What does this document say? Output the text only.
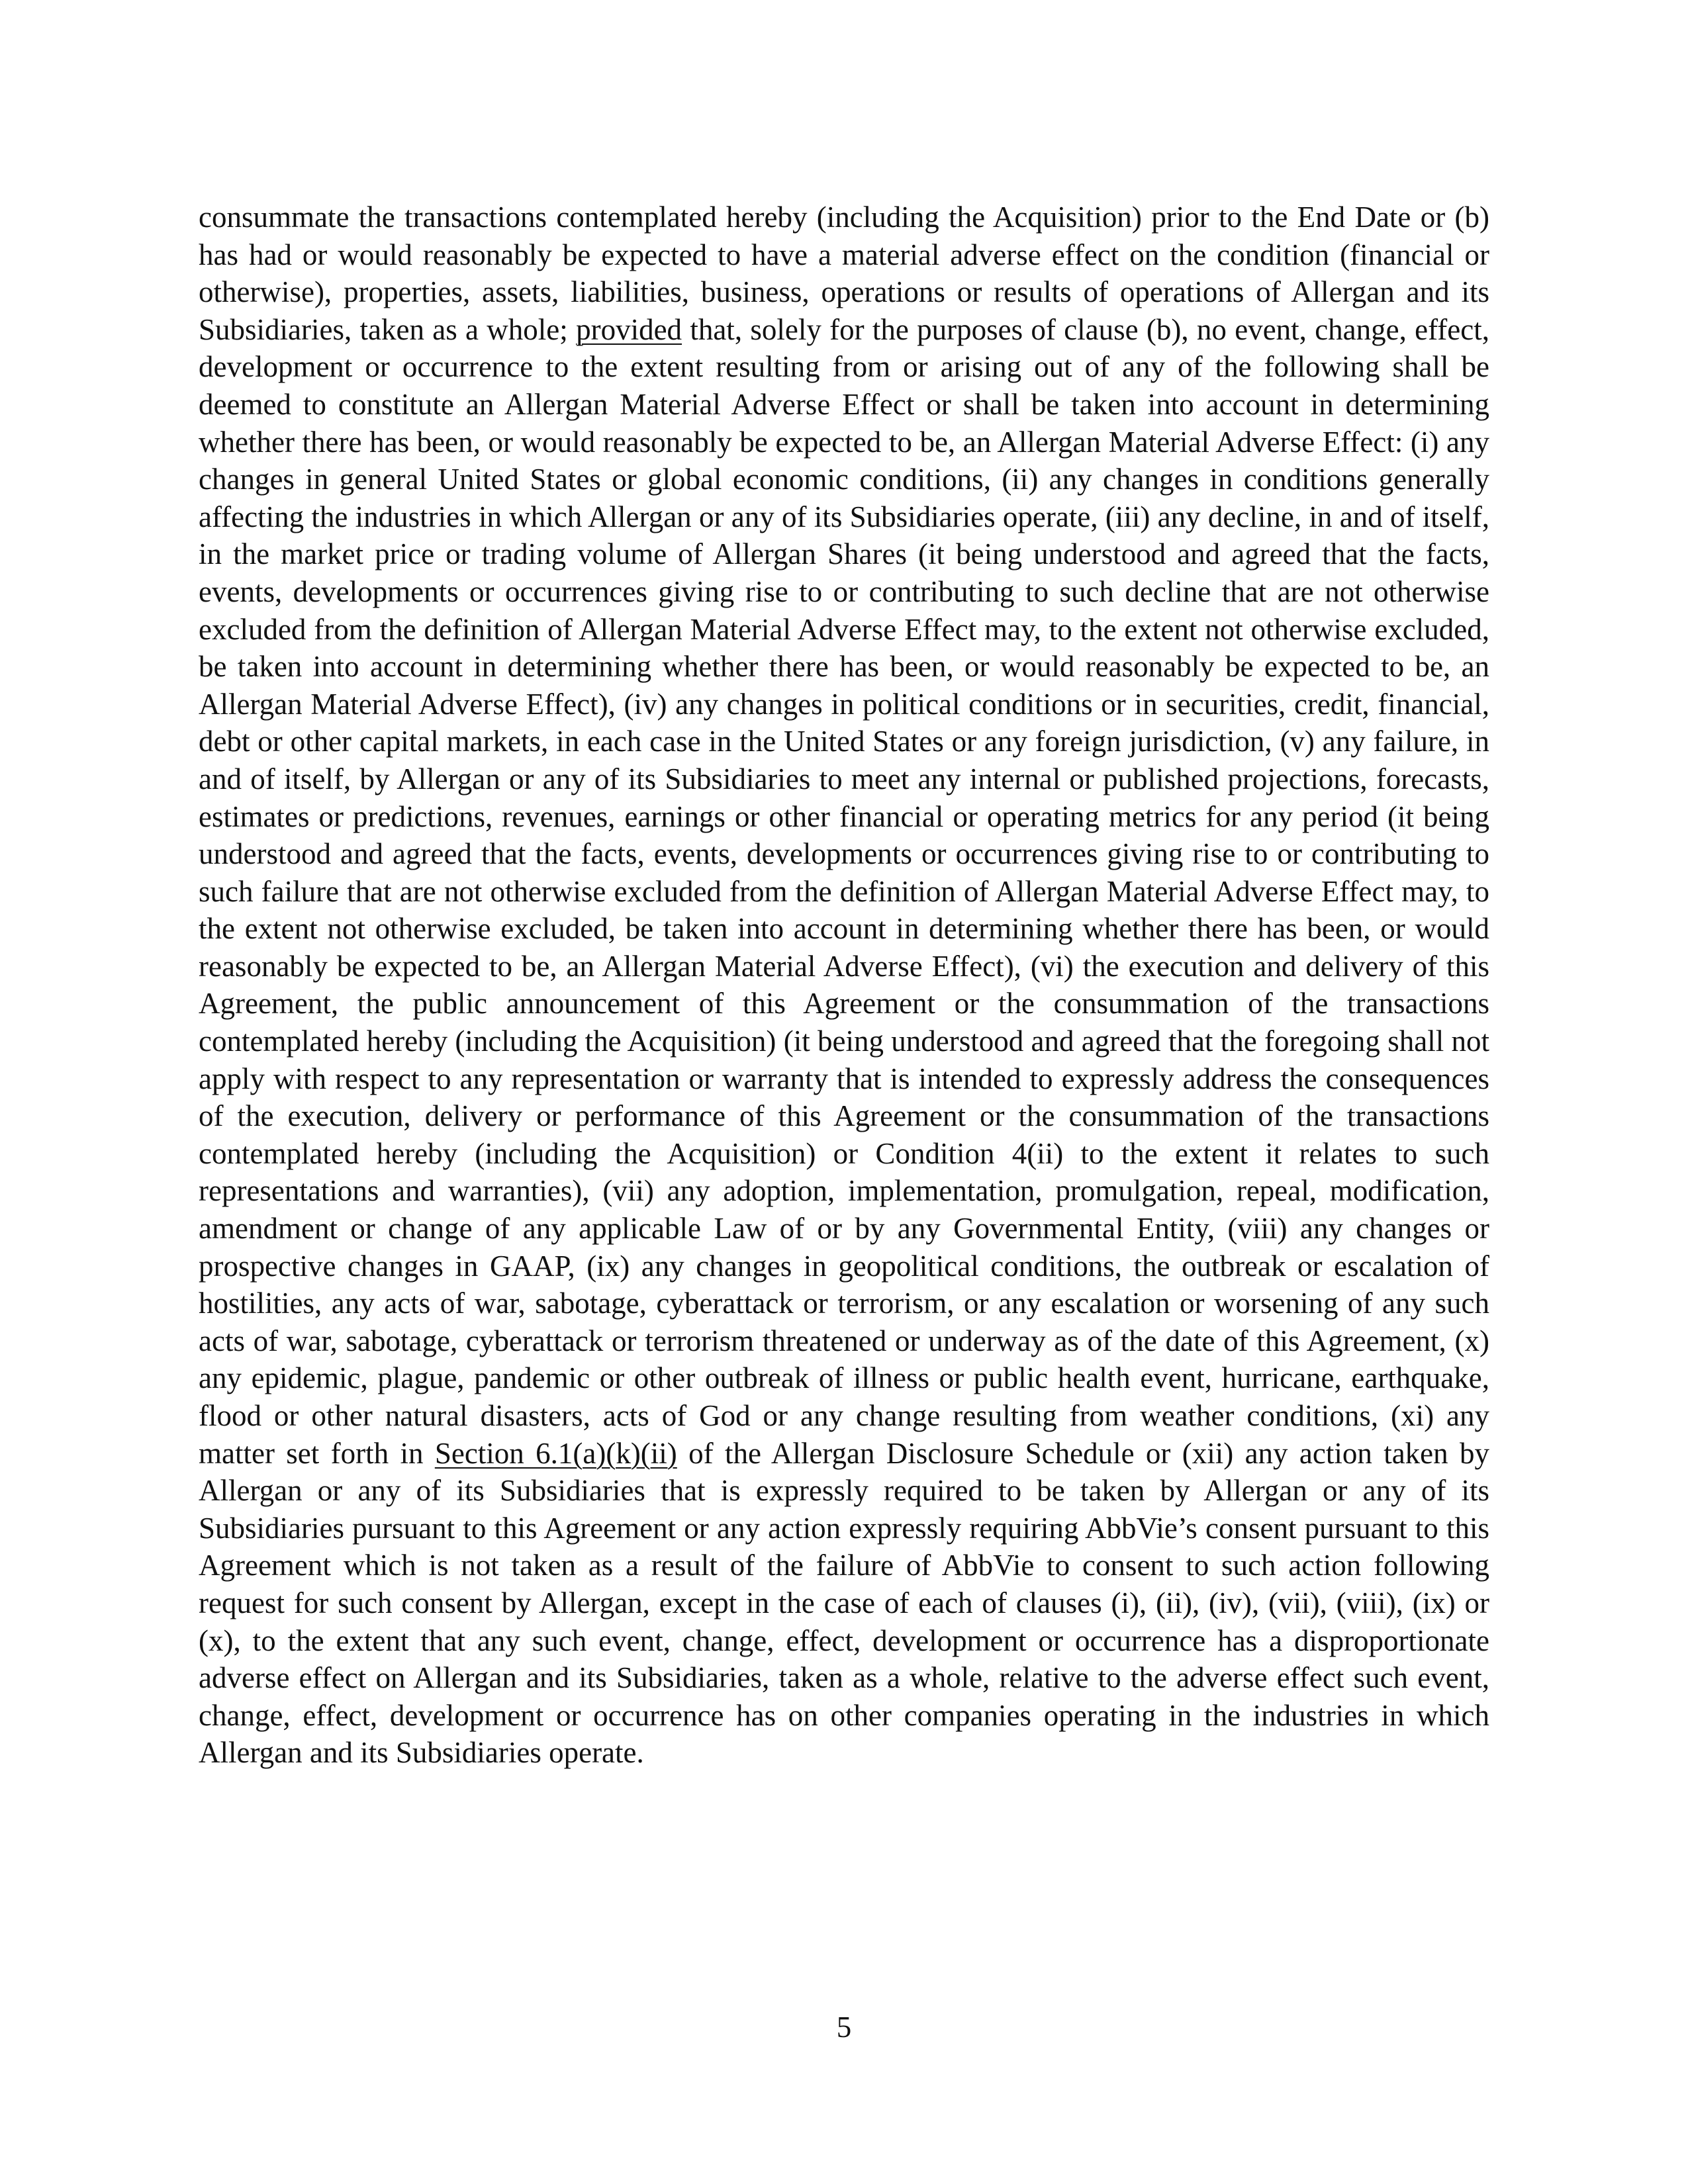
consummate the transactions contemplated hereby (including the Acquisition) prior to the End Date or (b) has had or would reasonably be expected to have a material adverse effect on the condition (financial or otherwise), properties, assets, liabilities, business, operations or results of operations of Allergan and its Subsidiaries, taken as a whole; provided that, solely for the purposes of clause (b), no event, change, effect, development or occurrence to the extent resulting from or arising out of any of the following shall be deemed to constitute an Allergan Material Adverse Effect or shall be taken into account in determining whether there has been, or would reasonably be expected to be, an Allergan Material Adverse Effect: (i) any changes in general United States or global economic conditions, (ii) any changes in conditions generally affecting the industries in which Allergan or any of its Subsidiaries operate, (iii) any decline, in and of itself, in the market price or trading volume of Allergan Shares (it being understood and agreed that the facts, events, developments or occurrences giving rise to or contributing to such decline that are not otherwise excluded from the definition of Allergan Material Adverse Effect may, to the extent not otherwise excluded, be taken into account in determining whether there has been, or would reasonably be expected to be, an Allergan Material Adverse Effect), (iv) any changes in political conditions or in securities, credit, financial, debt or other capital markets, in each case in the United States or any foreign jurisdiction, (v) any failure, in and of itself, by Allergan or any of its Subsidiaries to meet any internal or published projections, forecasts, estimates or predictions, revenues, earnings or other financial or operating metrics for any period (it being understood and agreed that the facts, events, developments or occurrences giving rise to or contributing to such failure that are not otherwise excluded from the definition of Allergan Material Adverse Effect may, to the extent not otherwise excluded, be taken into account in determining whether there has been, or would reasonably be expected to be, an Allergan Material Adverse Effect), (vi) the execution and delivery of this Agreement, the public announcement of this Agreement or the consummation of the transactions contemplated hereby (including the Acquisition) (it being understood and agreed that the foregoing shall not apply with respect to any representation or warranty that is intended to expressly address the consequences of the execution, delivery or performance of this Agreement or the consummation of the transactions contemplated hereby (including the Acquisition) or Condition 4(ii) to the extent it relates to such representations and warranties), (vii) any adoption, implementation, promulgation, repeal, modification, amendment or change of any applicable Law of or by any Governmental Entity, (viii) any changes or prospective changes in GAAP, (ix) any changes in geopolitical conditions, the outbreak or escalation of hostilities, any acts of war, sabotage, cyberattack or terrorism, or any escalation or worsening of any such acts of war, sabotage, cyberattack or terrorism threatened or underway as of the date of this Agreement, (x) any epidemic, plague, pandemic or other outbreak of illness or public health event, hurricane, earthquake, flood or other natural disasters, acts of God or any change resulting from weather conditions, (xi) any matter set forth in Section 6.1(a)(k)(ii) of the Allergan Disclosure Schedule or (xii) any action taken by Allergan or any of its Subsidiaries that is expressly required to be taken by Allergan or any of its Subsidiaries pursuant to this Agreement or any action expressly requiring AbbVie’s consent pursuant to this Agreement which is not taken as a result of the failure of AbbVie to consent to such action following request for such consent by Allergan, except in the case of each of clauses (i), (ii), (iv), (vii), (viii), (ix) or (x), to the extent that any such event, change, effect, development or occurrence has a disproportionate adverse effect on Allergan and its Subsidiaries, taken as a whole, relative to the adverse effect such event, change, effect, development or occurrence has on other companies operating in the industries in which Allergan and its Subsidiaries operate.

5
